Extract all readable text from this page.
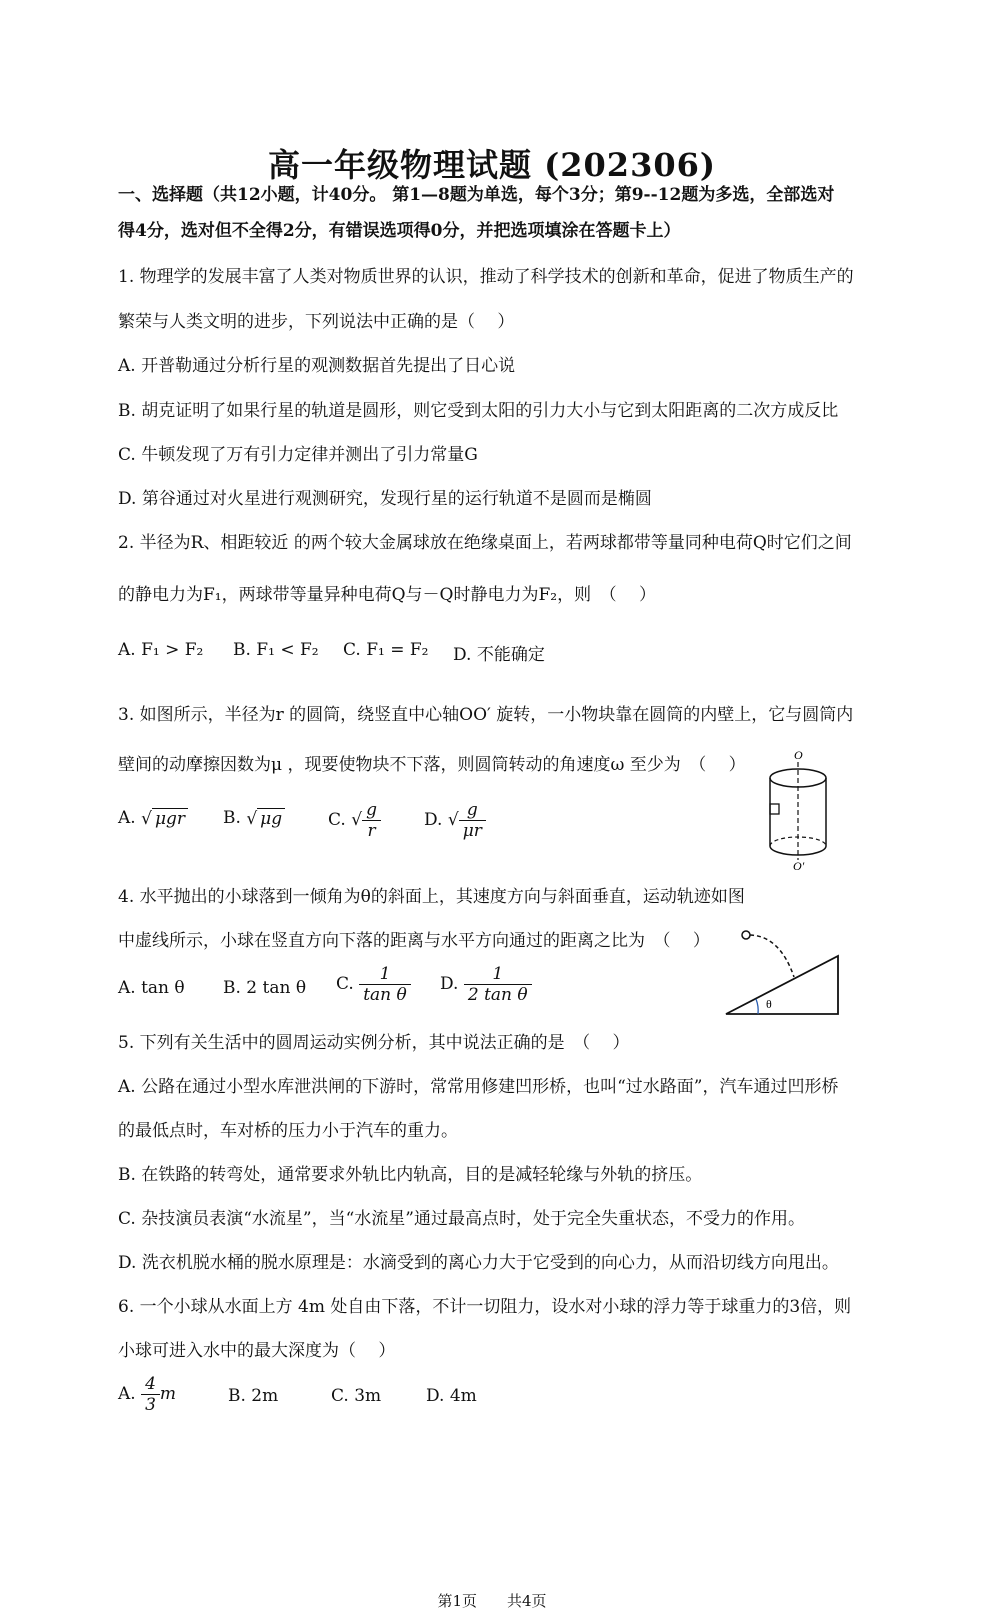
高一年级物理试题 (202306)
一、选择题（共12小题，计40分。 第1—8题为单选，每个3分；第9--12题为多选，全部选对
得4分，选对但不全得2分，有错误选项得0分，并把选项填涂在答题卡上）
1. 物理学的发展丰富了人类对物质世界的认识，推动了科学技术的创新和革命，促进了物质生产的
繁荣与人类文明的进步，下列说法中正确的是（　 ）
A. 开普勒通过分析行星的观测数据首先提出了日心说
B. 胡克证明了如果行星的轨道是圆形，则它受到太阳的引力大小与它到太阳距离的二次方成反比
C. 牛顿发现了万有引力定律并测出了引力常量G
D. 第谷通过对火星进行观测研究，发现行星的运行轨道不是圆而是椭圆
2. 半径为R、相距较近 的两个较大金属球放在绝缘桌面上，若两球都带等量同种电荷Q时它们之间
的静电力为F₁，两球带等量异种电荷Q与－Q时静电力为F₂，则　（　 ）
A. F₁ > F₂ B. F₁ < F₂ C. F₁ = F₂ D. 不能确定
3. 如图所示，半径为r 的圆筒，绕竖直中心轴OO′ 旋转，一小物块靠在圆筒的内壁上，它与圆筒内
壁间的动摩擦因数为μ ，现要使物块不下落，则圆筒转动的角速度ω 至少为　（　 ）
A. √ μgr B. √ μg	C. √ $\frac{g}{r}$	D. √ $\frac{g}{\mu r}$
O
O′
4. 水平抛出的小球落到一倾角为θ的斜面上，其速度方向与斜面垂直，运动轨迹如图
中虚线所示，小球在竖直方向下落的距离与水平方向通过的距离之比为　（　 ）
A. tan θ B. 2 tan θ C. $\frac{1}{\text{tan θ}} D$. $\frac{1}{\text{2 tan θ}}$	θ
5. 下列有关生活中的圆周运动实例分析，其中说法正确的是　（　 ）
A. 公路在通过小型水库泄洪闸的下游时，常常用修建凹形桥，也叫“过水路面”，汽车通过凹形桥
的最低点时，车对桥的压力小于汽车的重力。
B. 在铁路的转弯处，通常要求外轨比内轨高，目的是减轻轮缘与外轨的挤压。
C. 杂技演员表演“水流星”，当“水流星”通过最高点时，处于完全失重状态，不受力的作用。
D. 洗衣机脱水桶的脱水原理是：水滴受到的离心力大于它受到的向心力，从而沿切线方向甩出。
6. 一个小球从水面上方 4m 处自由下落，不计一切阻力，设水对小球的浮力等于球重力的3倍，则
小球可进入水中的最大深度为（　 ）
A. $\frac{4}{3}$ m	B. 2m	C. 3m	D. 4m
第1页　　共4页
